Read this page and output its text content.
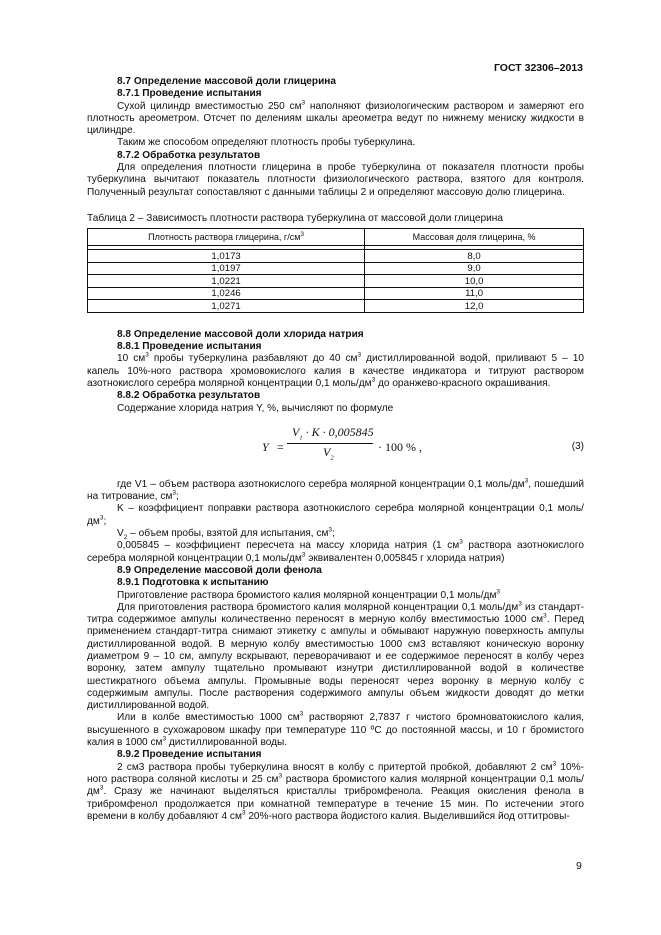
ГОСТ 32306–2013

8.7 Определение массовой доли глицерина

8.7.1 Проведение испытания

Сухой цилиндр вместимостью 250 $см^3$ наполняют физиологическим раствором и замеряют его плотность ареометром. Отсчет по делениям шкалы ареометра ведут по нижнему мениску жидкости в цилиндре.

Таким же способом определяют плотность пробы туберкулина.

8.7.2 Обработка результатов

Для определения плотности глицерина в пробе туберкулина от показателя плотности пробы туберкулина вычитают показатель плотности физиологического раствора, взятого для контроля. Полученный результат сопоставляют с данными таблицы 2 и определяют массовую долю глицерина.

Таблица 2 – Зависимость плотности раствора туберкулина от массовой доли глицерина

Плотность раствора глицерина, $г/см^3$	Массовая доля глицерина, %

1,0173	8,0
1,0197	9,0
1,0221	10,0
1,0246	11,0
1,0271	12,0

8.8 Определение массовой доли хлорида натрия

8.8.1 Проведение испытания

10 $см^3$ пробы туберкулина разбавляют до 40 $см^3$ дистиллированной водой, приливают 5 – 10 капель 10%-ного раствора хромовокислого калия в качестве индикатора и титруют раствором азотнокислого серебра молярной концентрации 0,1 моль/$дм^3$ до оранжево-красного окрашивания.

8.8.2 Обработка результатов

Содержание хлорида натрия Y, %, вычисляют по формуле

Y =
$V_1 \cdot K \cdot 0,005845$
$V_2$
· 100 % ,	(3)

где V1 – объем раствора азотнокислого серебра молярной концентрации 0,1 моль/$дм^3$, пошедший на титрование, $см^3$;

K – коэффициент поправки раствора азотнокислого серебра молярной концентрации 0,1 моль/$дм^3$;

$V_2$ – объем пробы, взятой для испытания, $см^3$;

0,005845 – коэффициент пересчета на массу хлорида натрия (1 $см^3$ раствора азотнокислого серебра молярной концентрации 0,1 моль/$дм^3$ эквивалентен 0,005845 г хлорида натрия)

8.9 Определение массовой доли фенола

8.9.1 Подготовка к испытанию

Приготовление раствора бромистого калия молярной концентрации 0,1 моль/$дм^3$

Для приготовления раствора бромистого калия молярной концентрации 0,1 моль/$дм^3$ из стандарт-титра содержимое ампулы количественно переносят в мерную колбу вместимостью 1000 $см^3$. Перед применением стандарт-титра снимают этикетку с ампулы и обмывают наружную поверхность ампулы дистиллированной водой. В мерную колбу вместимостью 1000 см3 вставляют коническую воронку диаметром 9 – 10 см, ампулу вскрывают, переворачивают и ее содержимое переносят в колбу через воронку, затем ампулу тщательно промывают изнутри дистиллированной водой в количестве шестикратного объема ампулы. Промывные воды переносят через воронку в мерную колбу с содержимым ампулы. После растворения содержимого ампулы объем жидкости доводят до метки дистиллированной водой.

Или в колбе вместимостью 1000 $см^3$ растворяют 2,7837 г чистого бромноватокислого калия, высушенного в сухожаровом шкафу при температуре 110 ºС до постоянной массы, и 10 г бромистого калия в 1000 $см^3$ дистиллированной воды.

8.9.2 Проведение испытания

2 см3 раствора пробы туберкулина вносят в колбу с притертой пробкой, добавляют 2 $см^3$ 10%-ного раствора соляной кислоты и 25 $см^3$ раствора бромистого калия молярной концентрации 0,1 моль/$дм^3$. Сразу же начинают выделяться кристаллы трибромфенола. Реакция окисления фенола в трибромфенол продолжается при комнатной температуре в течение 15 мин. По истечении этого времени в колбу добавляют 4 $см^3$ 20%-ного раствора йодистого калия. Выделившийся йод оттитровы-

9
